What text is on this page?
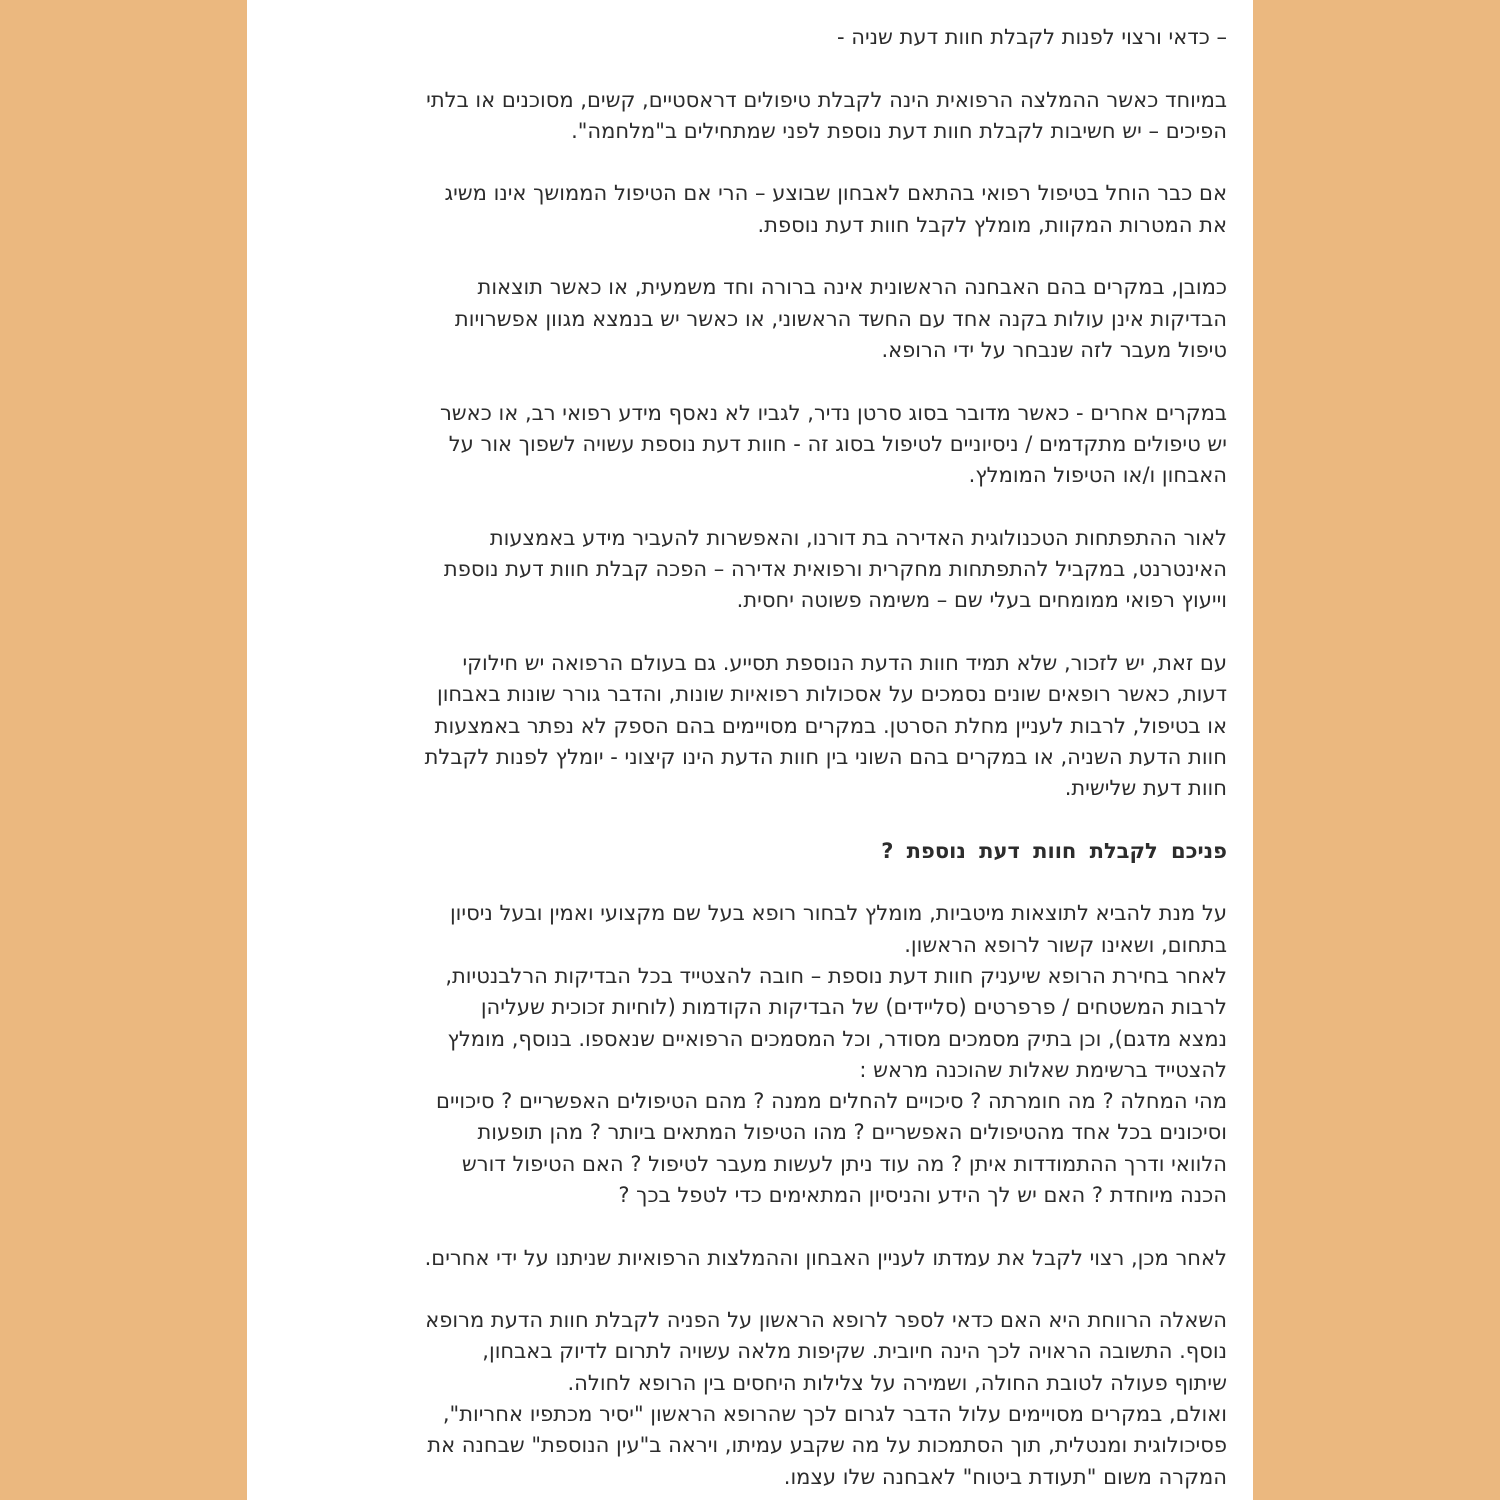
– כדאי ורצוי לפנות לקבלת חוות דעת שניה -

במיוחד כאשר ההמלצה הרפואית הינה לקבלת טיפולים דראסטיים, קשים, מסוכנים או בלתי
הפיכים – יש חשיבות לקבלת חוות דעת נוספת לפני שמתחילים ב"מלחמה".

אם כבר הוחל בטיפול רפואי בהתאם לאבחון שבוצע – הרי אם הטיפול הממושך אינו משיג
את המטרות המקוות, מומלץ לקבל חוות דעת נוספת.

כמובן, במקרים בהם האבחנה הראשונית אינה ברורה וחד משמעית, או כאשר תוצאות
הבדיקות אינן עולות בקנה אחד עם החשד הראשוני, או כאשר יש בנמצא מגוון אפשרויות
טיפול מעבר לזה שנבחר על ידי הרופא.

במקרים אחרים - כאשר מדובר בסוג סרטן נדיר, לגביו לא נאסף מידע רפואי רב, או כאשר
יש טיפולים מתקדמים / ניסיוניים לטיפול בסוג זה - חוות דעת נוספת עשויה לשפוך אור על
האבחון ו/או הטיפול המומלץ.

לאור ההתפתחות הטכנולוגית האדירה בת דורנו, והאפשרות להעביר מידע באמצעות
האינטרנט, במקביל להתפתחות מחקרית ורפואית אדירה – הפכה קבלת חוות דעת נוספת
וייעוץ רפואי ממומחים בעלי שם – משימה פשוטה יחסית.

עם זאת, יש לזכור, שלא תמיד חוות הדעת הנוספת תסייע. גם בעולם הרפואה יש חילוקי
דעות, כאשר רופאים שונים נסמכים על אסכולות רפואיות שונות, והדבר גורר שונות באבחון
או בטיפול, לרבות לעניין מחלת הסרטן. במקרים מסויימים בהם הספק לא נפתר באמצעות
חוות הדעת השניה, או במקרים בהם השוני בין חוות הדעת הינו קיצוני - יומלץ לפנות לקבלת
חוות דעת שלישית.

פניכם לקבלת חוות דעת נוספת ?

על מנת להביא לתוצאות מיטביות, מומלץ לבחור רופא בעל שם מקצועי ואמין ובעל ניסיון
בתחום, ושאינו קשור לרופא הראשון.

לאחר בחירת הרופא שיעניק חוות דעת נוספת – חובה להצטייד בכל הבדיקות הרלבנטיות,
לרבות המשטחים / פרפרטים (סליידים) של הבדיקות הקודמות (לוחיות זכוכית שעליהן
נמצא מדגם), וכן בתיק מסמכים מסודר, וכל המסמכים הרפואיים שנאספו. בנוסף, מומלץ
להצטייד ברשימת שאלות שהוכנה מראש :

מהי המחלה ? מה חומרתה ? סיכויים להחלים ממנה ? מהם הטיפולים האפשריים ? סיכויים
וסיכונים בכל אחד מהטיפולים האפשריים ? מהו הטיפול המתאים ביותר ? מהן תופעות
הלוואי ודרך ההתמודדות איתן ? מה עוד ניתן לעשות מעבר לטיפול ? האם הטיפול דורש
הכנה מיוחדת ? האם יש לך הידע והניסיון המתאימים כדי לטפל בכך ?

לאחר מכן, רצוי לקבל את עמדתו לעניין האבחון וההמלצות הרפואיות שניתנו על ידי אחרים.

השאלה הרווחת היא האם כדאי לספר לרופא הראשון על הפניה לקבלת חוות הדעת מרופא
נוסף. התשובה הראויה לכך הינה חיובית. שקיפות מלאה עשויה לתרום לדיוק באבחון,
שיתוף פעולה לטובת החולה, ושמירה על צלילות היחסים בין הרופא לחולה.

ואולם, במקרים מסויימים עלול הדבר לגרום לכך שהרופא הראשון "יסיר מכתפיו אחריות",
פסיכולוגית ומנטלית, תוך הסתמכות על מה שקבע עמיתו, ויראה ב"עין הנוספת" שבחנה את
המקרה משום "תעודת ביטוח" לאבחנה שלו עצמו.
